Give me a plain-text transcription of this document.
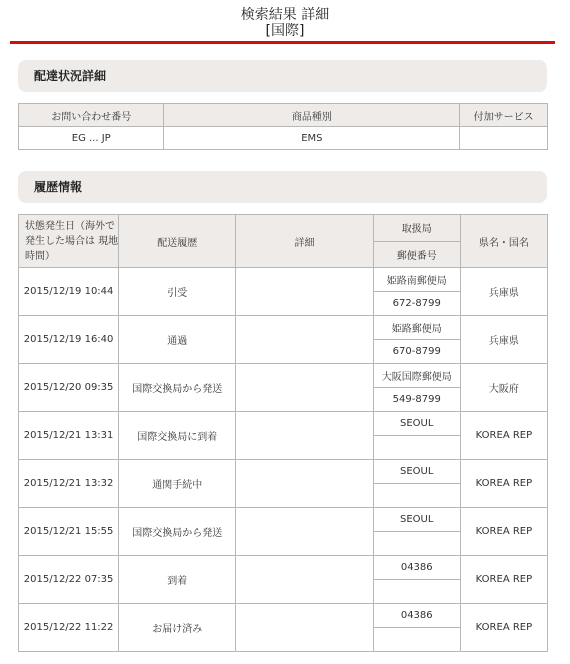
検索結果 詳細
[国際]
配達状況詳細
お問い合わせ番号	商品種別	付加サービス
EG ... JP	EMS	
履歴情報
状態発生日（海外で発生した場合は 現地時間）	配送履歴	詳細	取扱局	県名・国名
			郵便番号	
2015/12/19 10:44	引受		姫路南郵便局	兵庫県
			672-8799	
2015/12/19 16:40	通過		姫路郵便局	兵庫県
			670-8799	
2015/12/20 09:35	国際交換局から発送		大阪国際郵便局	大阪府
			549-8799	
2015/12/21 13:31	国際交換局に到着		SEOUL	KOREA REP

2015/12/21 13:32	通関手続中		SEOUL	KOREA REP

2015/12/21 15:55	国際交換局から発送		SEOUL	KOREA REP

2015/12/22 07:35	到着		04386	KOREA REP

2015/12/22 11:22	お届け済み		04386	KOREA REP
